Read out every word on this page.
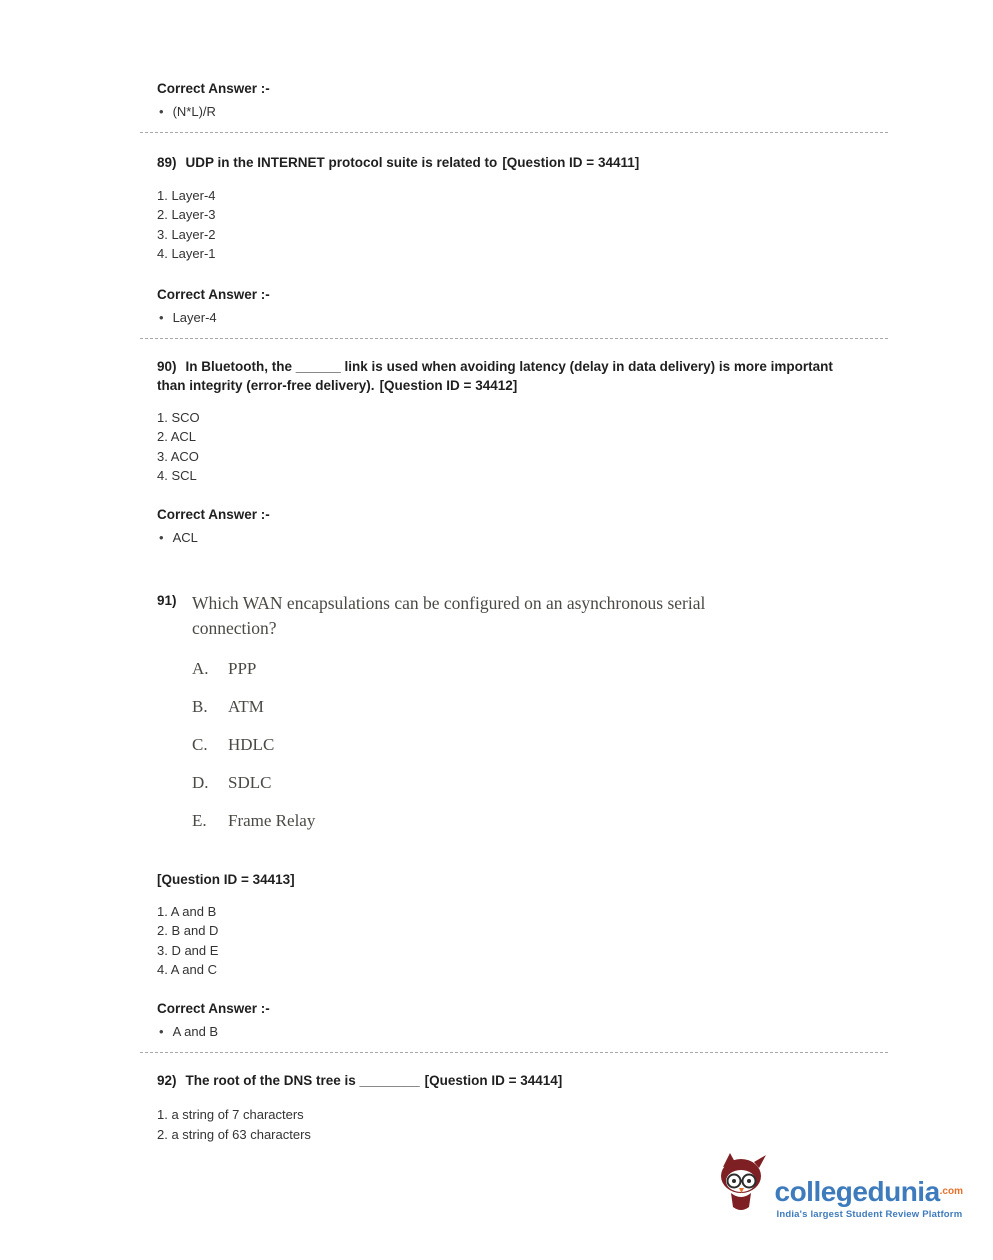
Correct Answer :-
• (N*L)/R
89) UDP in the INTERNET protocol suite is related to [Question ID = 34411]
1. Layer-4
2. Layer-3
3. Layer-2
4. Layer-1
Correct Answer :-
• Layer-4
90) In Bluetooth, the ______ link is used when avoiding latency (delay in data delivery) is more important than integrity (error-free delivery). [Question ID = 34412]
1. SCO
2. ACL
3. ACO
4. SCL
Correct Answer :-
• ACL
91) Which WAN encapsulations can be configured on an asynchronous serial connection?
A.	PPP
B.	ATM
C.	HDLC
D.	SDLC
E.	Frame Relay
[Question ID = 34413]
1. A and B
2. B and D
3. D and E
4. A and C
Correct Answer :-
• A and B
92) The root of the DNS tree is ________ [Question ID = 34414]
1. a string of 7 characters
2. a string of 63 characters
collegedunia$^{.com}$
India's largest Student Review Platform
